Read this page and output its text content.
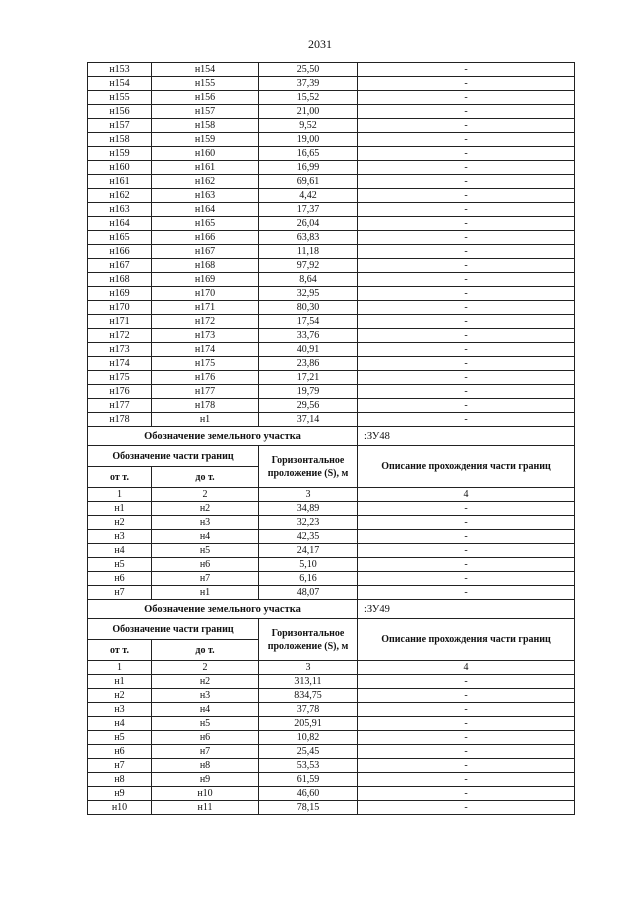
2031
н153	н154	25,50	-
н154	н155	37,39	-
н155	н156	15,52	-
н156	н157	21,00	-
н157	н158	9,52	-
н158	н159	19,00	-
н159	н160	16,65	-
н160	н161	16,99	-
н161	н162	69,61	-
н162	н163	4,42	-
н163	н164	17,37	-
н164	н165	26,04	-
н165	н166	63,83	-
н166	н167	11,18	-
н167	н168	97,92	-
н168	н169	8,64	-
н169	н170	32,95	-
н170	н171	80,30	-
н171	н172	17,54	-
н172	н173	33,76	-
н173	н174	40,91	-
н174	н175	23,86	-
н175	н176	17,21	-
н176	н177	19,79	-
н177	н178	29,56	-
н178	н1	37,14	-
Обозначение земельного участка			:ЗУ48
Обозначение части границ		Горизонтальное проложение (S), м	Описание прохождения части границ
от т.	до т.		
1	2	3	4
н1	н2	34,89	-
н2	н3	32,23	-
н3	н4	42,35	-
н4	н5	24,17	-
н5	н6	5,10	-
н6	н7	6,16	-
н7	н1	48,07	-
Обозначение земельного участка			:ЗУ49
Обозначение части границ		Горизонтальное проложение (S), м	Описание прохождения части границ
от т.	до т.		
1	2	3	4
н1	н2	313,11	-
н2	н3	834,75	-
н3	н4	37,78	-
н4	н5	205,91	-
н5	н6	10,82	-
н6	н7	25,45	-
н7	н8	53,53	-
н8	н9	61,59	-
н9	н10	46,60	-
н10	н11	78,15	-
